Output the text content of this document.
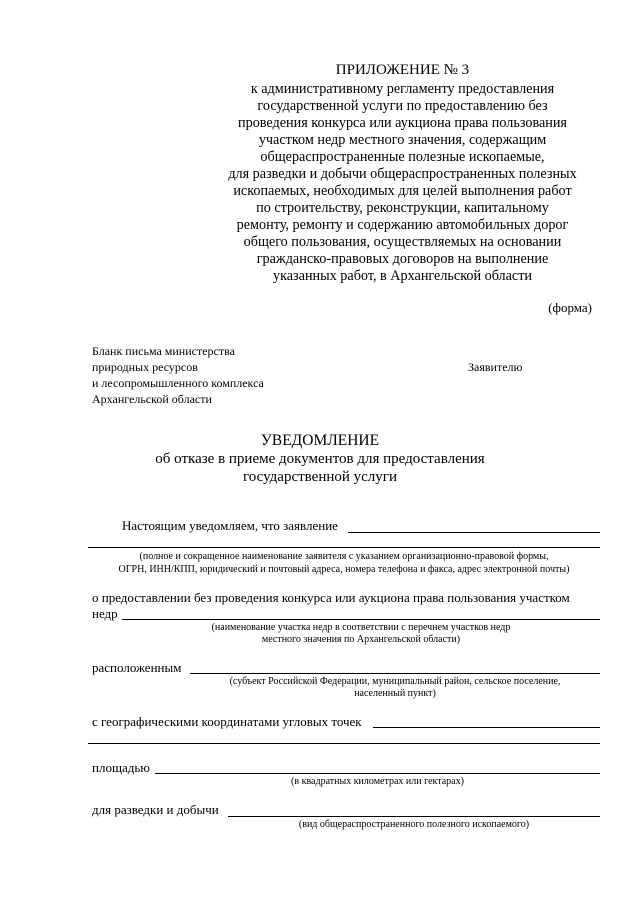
ПРИЛОЖЕНИЕ № 3
к административному регламенту предоставления
государственной услуги по предоставлению без
проведения конкурса или аукциона права пользования
участком недр местного значения, содержащим
общераспространенные полезные ископаемые,
для разведки и добычи общераспространенных полезных
ископаемых, необходимых для целей выполнения работ
по строительству, реконструкции, капитальному
ремонту, ремонту и содержанию автомобильных дорог
общего пользования, осуществляемых на основании
гражданско-правовых договоров на выполнение
указанных работ, в Архангельской области
(форма)
Бланк письма министерства
природных ресурсов
и лесопромышленного комплекса
Архангельской области
Заявителю
УВЕДОМЛЕНИЕ
об отказе в приеме документов для предоставления
государственной услуги
Настоящим уведомляем, что заявление
(полное и сокращенное наименование заявителя с указанием организационно-правовой формы,
ОГРН, ИНН/КПП, юридический и почтовый адреса, номера телефона и факса, адрес электронной почты)
о предоставлении без проведения конкурса или аукциона права пользования участком
недр
(наименование участка недр в соответствии с перечнем участков недр
местного значения по Архангельской области)
расположенным
(субъект Российской Федерации, муниципальный район, сельское поселение,
населенный пункт)
с географическими координатами угловых точек
площадью
(в квадратных километрах или гектарах)
для разведки и добычи
(вид общераспространенного полезного ископаемого)
